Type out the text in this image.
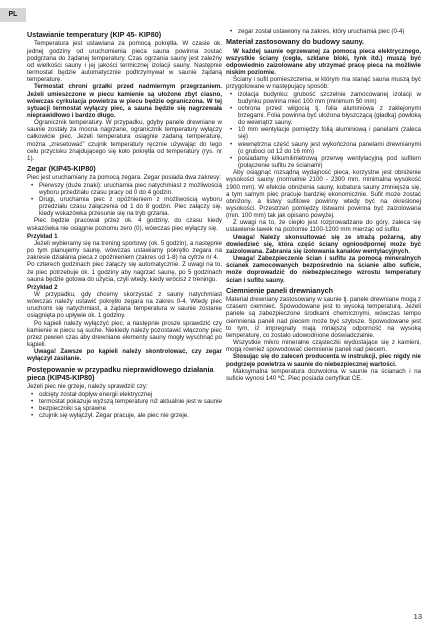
PL
Ustawianie temperatury (KIP 45- KIP80)

Temperatura jest ustawiana za pomocą pokrętła. W czasie ok. jednej godziny od uruchomienia pieca sauna powinna zostać podgrzana do żądanej temperatury. Czas ogrzania sauny jest zależny od wielkości sauny i jej jakości termicznej izolacji sauny. Następnie termostat będzie automatycznie podtrzymywał w saunie żądaną temperaturę.

Termostat chroni grzałki przed nadmiernym przegrzaniem. Jeżeli umieszczone w piecu kamienie są ułożone zbyt ciasno, wówczas cyrkulacja powietrza w piecu będzie ograniczona. W tej sytuacji termostat wyłączy piec, a sauna będzie się nagrzewała nieprawidłowo i bardzo długo.

Ogranicznik temperatury. W przypadku, gdyby panele drewniane w saunie zostały za mocna nagrzane, ogranicznik temperatury wyłączy całkowicie piec. Jeżeli temperatura osiągnie zadaną temperaturę, można „zresetować” czujnik temperatury ręcznie używając do tego celu przycisku znajdującego się koło pokrętła od temperatury (rys. nr 1).

Zegar (KIP45-KIP80)

Piec jest uruchamiany za pomocą zegara. Zegar posiada dwa zakresy:

• Pierwszy (duże znaki): uruchamia piec natychmiast z możliwością wyboru przedziału czasu pracy od 0 do 4 godzin.
• Drugi, uruchamia piec z opóźnieniem z możliwością wyboru przedziału czasu załączenia od 1 do 8 godzin. Piec załączy się, kiedy wskazówka przesunie się na tryb grzania.

Piec będzie pracował przez ok. 4 godziny, do czasu kiedy wskazówka nie osiągnie poziomu zero (0), wówczas piec wyłączy się.

Przykład 1

Jeżeli wybieramy się na trening sportowy (ok. 5 godzin), a następnie po tym planujemy saunę, wówczas ustawiamy pokrętło zegara na zakresie działania pieca z opóźnieniem (zakres od 1-8) na cyfrze nr 4.

Po czterech godzinach piec załączy się automatycznie. Z uwagi na to, że piec potrzebuje ok. 1 godziny aby nagrzać saunę, po 5 godzinach sauna będzie gotowa do użycia, czyli wtedy, kiedy wrócisz z treningu.

Przykład 2

W przypadku, gdy chcemy skorzystać z sauny natychmiast wówczas należy ustawić pokrętło zegara na zakres 0-4. Wtedy piec uruchomi się natychmiast, a żądana temperatura w saunie zostanie osiągnięta po upływie ok. 1 godziny.

Po kąpieli należy wyłączyć piec, a następnie prosze sprawdzić czy kamienie w piecu są suche. Niekiedy należy pozostawić włączony piec przez pewien czas aby drewniane elementy sauny mogły wyschnąć po kąpieli.

Uwaga! Zawsze po kąpieli należy skontrolować, czy zegar wyłączył zasilanie.

Postępowanie w przypadku nieprawidłowego działania pieca (KIP45-KIP80)

Jeżeli piec nie grzeje, należy sprawdzić czy:

• odcięty został dopływ energii elektrycznej
• termostat pokazuje wyższą temperaturę niż aktualnie jest w saunie
• bezpieczniki są sprawne
• czujnik się wyłączył. Zegar pracuje, ale piec nie grzeje.
• zegar został ustawiony na zakres, który uruchamia piec (0-4)
Materiał zastosowany do budowy sauny.

W każdej saunie ogrzewanej za pomocą pieca elektrycznego, wszystkie ściany (cegła, szklane bloki, tynk itd.) muszą być odpowiednio zaizolowane aby utrzymać pracę pieca na możliwie niskim poziomie.

Ściany i sufit pomieszczenia, w którym ma stanąć sauna muszą być przygotowane w następujący sposób:

• izolacja budynku: grubość szczelnie zamocowanej izolacji w budynku powinna mieć 100 mm (minimum 50 mm)
• ochrona przed wilgocią tj. folia aluminiowa z zaklejonymi brzegami. Folia powinna być ułożona błyszczącą (gładką) powłoką do wewnątrz sauny.
• 10 mm wentylacje pomiędzy folią aluminiową i panelami (zaleca się)
• wewnętrzna część sauny jest wykończona panelami drewnianymi (o gruboci od 12 do 16 mm)
• posiadamy kilkumilimetrową przerwę wentylacyjną pod sufitem (połączenie sufitu ze ścianami)

Aby osiągnąć rozsądną wydajność pieca, korzystne jest obniżenie wysokości sauny (normalnie 2100 - 2300 mm, minimalna wysokość 1900 mm). W efekcie obniżenia sauny, kubatura sauny zmniejsza się, a tym samym piec pracuje bardziej ekonomicznie. Sufit może zostać obniżony, a listwy sufitowe powinny wtedy być na określonej wysokości. Przestrzeń pomiędzy listwami powinna być zaizolowana (min. 100 mm) tak jak opisano powyżej.

Z uwagi na to, że ciepło jest rozprowadzane do góry, zaleca się ustawienie ławek na poziomie 1100-1200 mm mierząc od sufitu.

Uwaga! Należy skonsultować się ze strażą pożarną, aby dowiedzieć się, która część ściany ognioodpornej może być zaizolowana. Zabrania się izolowania kanałów wentylacyjnych.

Uwaga! Zabezpieczenie ścian i sufitu za pomocą mineralnych ścianek zamocowanych bezpośrednio na ścianie albo suficie, może doprowadzić do niebezpiecznego wzrostu temperatury ścian i sufitu sauny.

Ciemnienie paneli drewnianych

Materiał drewniany zastosowany w saunie tj. panele drewniane mogą z czasem ciemnieć. Spowodowane jest to wysoką temperaturą. Jeżeli panele są zabezpieczone środkami chemicznymi, wówczas tempo ciemnienia paneli nad piecem może być szybsze. Spowodowane jest to tym, iż impregnaty mają mniejszą odporność na wysoką temperaturę, co zostało udowodnione doświadczalnie.

Wszystkie mikro minerałne cząsteczki wydostające się z kamieni, mogą również spowodować ciemnienie paneli nad piecem.

Stosując się do zaleceń producenta w instrukcji, piec nigdy nie podgrzeje powietrza w saunie do niebezpiecznej wartości.

Maksymalna temperatura dozwolona w saunie na ścianach i na suficie wynosi 140 ºC. Piec posiada certyfikat CE.

13
